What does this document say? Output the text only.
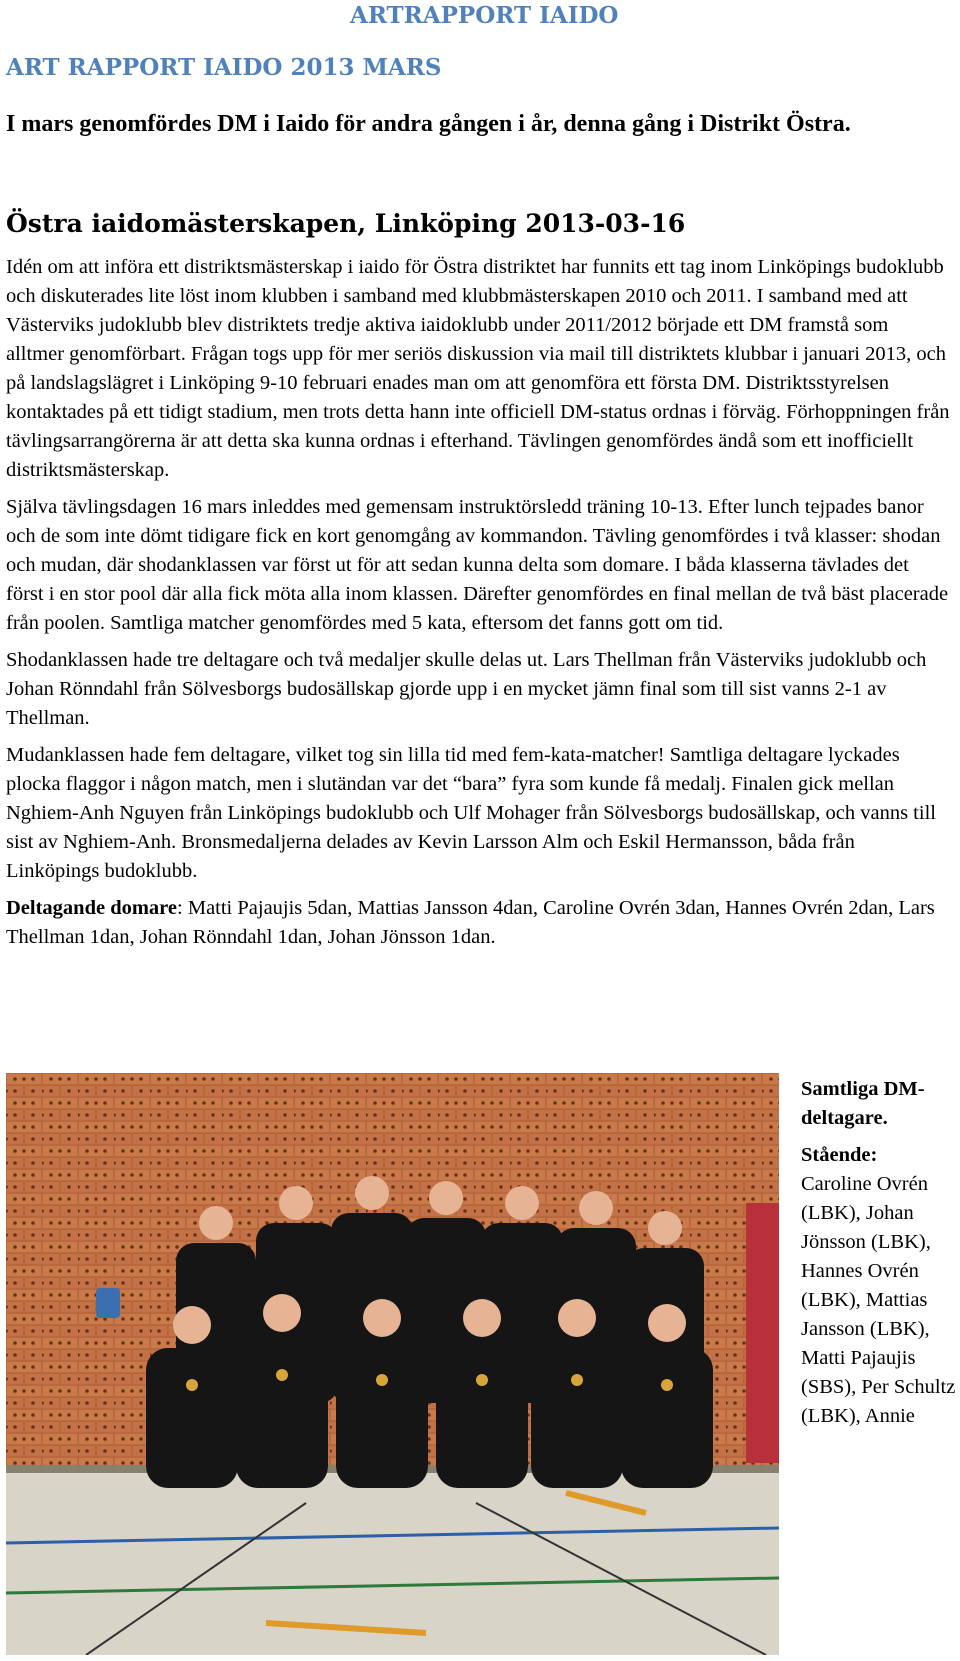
ARTRAPPORT IAIDO
ART RAPPORT IAIDO 2013 MARS

I mars genomfördes DM i Iaido för andra gången i år, denna gång i Distrikt Östra.

Östra iaidomästerskapen, Linköping 2013-03-16

Idén om att införa ett distriktsmästerskap i iaido för Östra distriktet har funnits ett tag inom Linköpings budoklubb och diskuterades lite löst inom klubben i samband med klubbmästerskapen 2010 och 2011. I samband med att Västerviks judoklubb blev distriktets tredje aktiva iaidoklubb under 2011/2012 började ett DM framstå som alltmer genomförbart. Frågan togs upp för mer seriös diskussion via mail till distriktets klubbar i januari 2013, och på landslagslägret i Linköping 9-10 februari enades man om att genomföra ett första DM. Distriktsstyrelsen kontaktades på ett tidigt stadium, men trots detta hann inte officiell DM-status ordnas i förväg. Förhoppningen från tävlingsarrangörerna är att detta ska kunna ordnas i efterhand. Tävlingen genomfördes ändå som ett inofficiellt distriktsmästerskap.

Själva tävlingsdagen 16 mars inleddes med gemensam instruktörsledd träning 10-13. Efter lunch tejpades banor och de som inte dömt tidigare fick en kort genomgång av kommandon. Tävling genomfördes i två klasser: shodan och mudan, där shodanklassen var först ut för att sedan kunna delta som domare. I båda klasserna tävlades det först i en stor pool där alla fick möta alla inom klassen. Därefter genomfördes en final mellan de två bäst placerade från poolen. Samtliga matcher genomfördes med 5 kata, eftersom det fanns gott om tid.

Shodanklassen hade tre deltagare och två medaljer skulle delas ut. Lars Thellman från Västerviks judoklubb och Johan Rönndahl från Sölvesborgs budosällskap gjorde upp i en mycket jämn final som till sist vanns 2-1 av Thellman.

Mudanklassen hade fem deltagare, vilket tog sin lilla tid med fem-kata-matcher! Samtliga deltagare lyckades plocka flaggor i någon match, men i slutändan var det “bara” fyra som kunde få medalj. Finalen gick mellan Nghiem-Anh Nguyen från Linköpings budoklubb och Ulf Mohager från Sölvesborgs budosällskap, och vanns till sist av Nghiem-Anh. Bronsmedaljerna delades av Kevin Larsson Alm och Eskil Hermansson, båda från Linköpings budoklubb.

Deltagande domare: Matti Pajaujis 5dan, Mattias Jansson 4dan, Caroline Ovrén 3dan, Hannes Ovrén 2dan, Lars Thellman 1dan, Johan Rönndahl 1dan, Johan Jönsson 1dan.

Samtliga DM-deltagare.

Stående:

Caroline Ovrén (LBK), Johan Jönsson (LBK), Hannes Ovrén (LBK), Mattias Jansson (LBK), Matti Pajaujis (SBS), Per Schultz (LBK), Annie
